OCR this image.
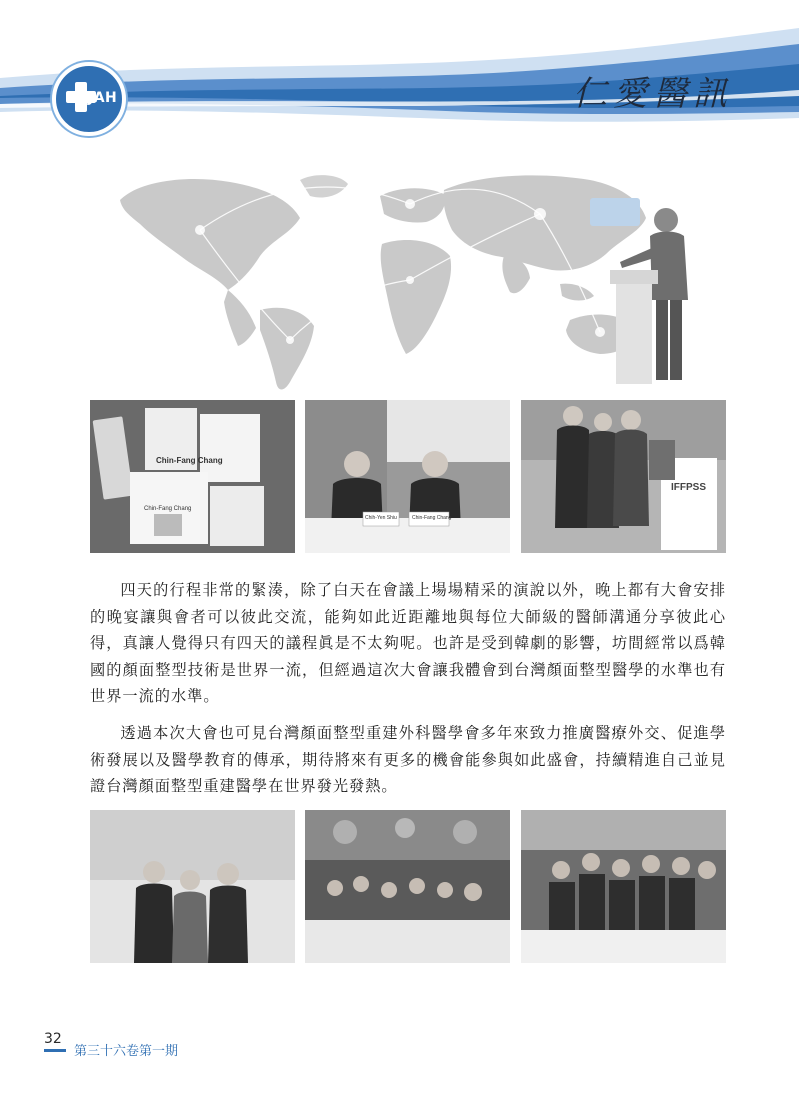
JAH	仁愛醫訊
Chin-Fang Chang
Chin-Fang Chang
Chih-Yen Shiu	Chin-Fang Chang
IFFPSS

四天的行程非常的緊湊，除了白天在會議上場場精采的演說以外，晚上都有大會安排的晚宴讓與會者可以彼此交流，能夠如此近距離地與每位大師級的醫師溝通分享彼此心得，真讓人覺得只有四天的議程眞是不太夠呢。也許是受到韓劇的影響，坊間經常以爲韓國的顏面整型技術是世界一流，但經過這次大會讓我體會到台灣顏面整型醫學的水準也有世界一流的水準。

透過本次大會也可見台灣顏面整型重建外科醫學會多年來致力推廣醫療外交、促進學術發展以及醫學教育的傳承，期待將來有更多的機會能參與如此盛會，持續精進自己並見證台灣顏面整型重建醫學在世界發光發熱。

32
第三十六卷第一期
